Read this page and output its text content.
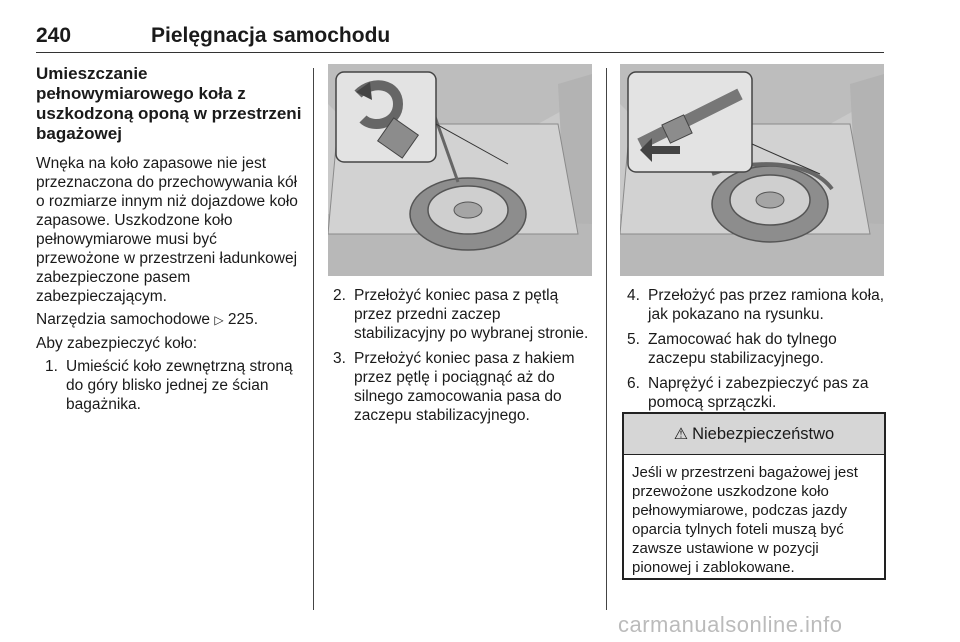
240	Pielęgnacja samochodu
Umieszczanie pełnowymiarowego koła z uszkodzoną oponą w przestrzeni bagażowej

Wnęka na koło zapasowe nie jest przeznaczona do przechowywania kół o rozmiarze innym niż dojazdowe koło zapasowe. Uszkodzone koło pełnowymiarowe musi być przewożone w przestrzeni ładunkowej zabezpieczone pasem zabezpieczającym.

Narzędzia samochodowe ▷ 225.

Aby zabezpieczyć koło:

1. Umieścić koło zewnętrzną stroną do góry blisko jednej ze ścian bagażnika.
2. Przełożyć koniec pasa z pętlą przez przedni zaczep stabilizacyjny po wybranej stronie.
3. Przełożyć koniec pasa z hakiem przez pętlę i pociągnąć aż do silnego zamocowania pasa do zaczepu stabilizacyjnego.
4. Przełożyć pas przez ramiona koła, jak pokazano na rysunku.
5. Zamocować hak do tylnego zaczepu stabilizacyjnego.
6. Naprężyć i zabezpieczyć pas za pomocą sprzączki.
⚠ Niebezpieczeństwo
Jeśli w przestrzeni bagażowej jest przewożone uszkodzone koło pełnowymiarowe, podczas jazdy oparcia tylnych foteli muszą być zawsze ustawione w pozycji pionowej i zablokowane.
carmanualsonline.info
